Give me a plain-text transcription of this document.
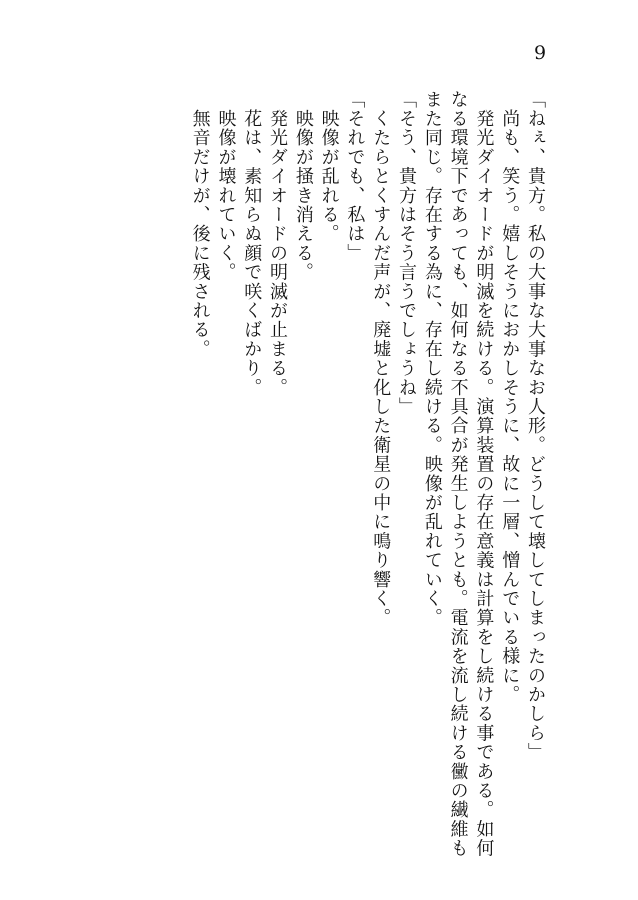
9
「ねぇ、貴方。私の大事な大事なお人形。どうして壊してしまったのかしら」
　尚も、笑う。嬉しそうにおかしそうに、故に一層、憎んでいる様に。
　発光ダイオードが明滅を続ける。演算装置の存在意義は計算をし続ける事である。如何
なる環境下であっても、如何なる不具合が発生しようとも。電流を流し続ける黴の繊維も
また同じ。存在する為に、存在し続ける。映像が乱れていく。
「そう、貴方はそう言うでしょうね」
　くたらとくすんだ声が、廃墟と化した衛星の中に鳴り響く。
「それでも、私は」
　映像が乱れる。
　映像が掻き消える。
　発光ダイオードの明滅が止まる。
　花は、素知らぬ顔で咲くばかり。
　映像が壊れていく。
　無音だけが、後に残される。
